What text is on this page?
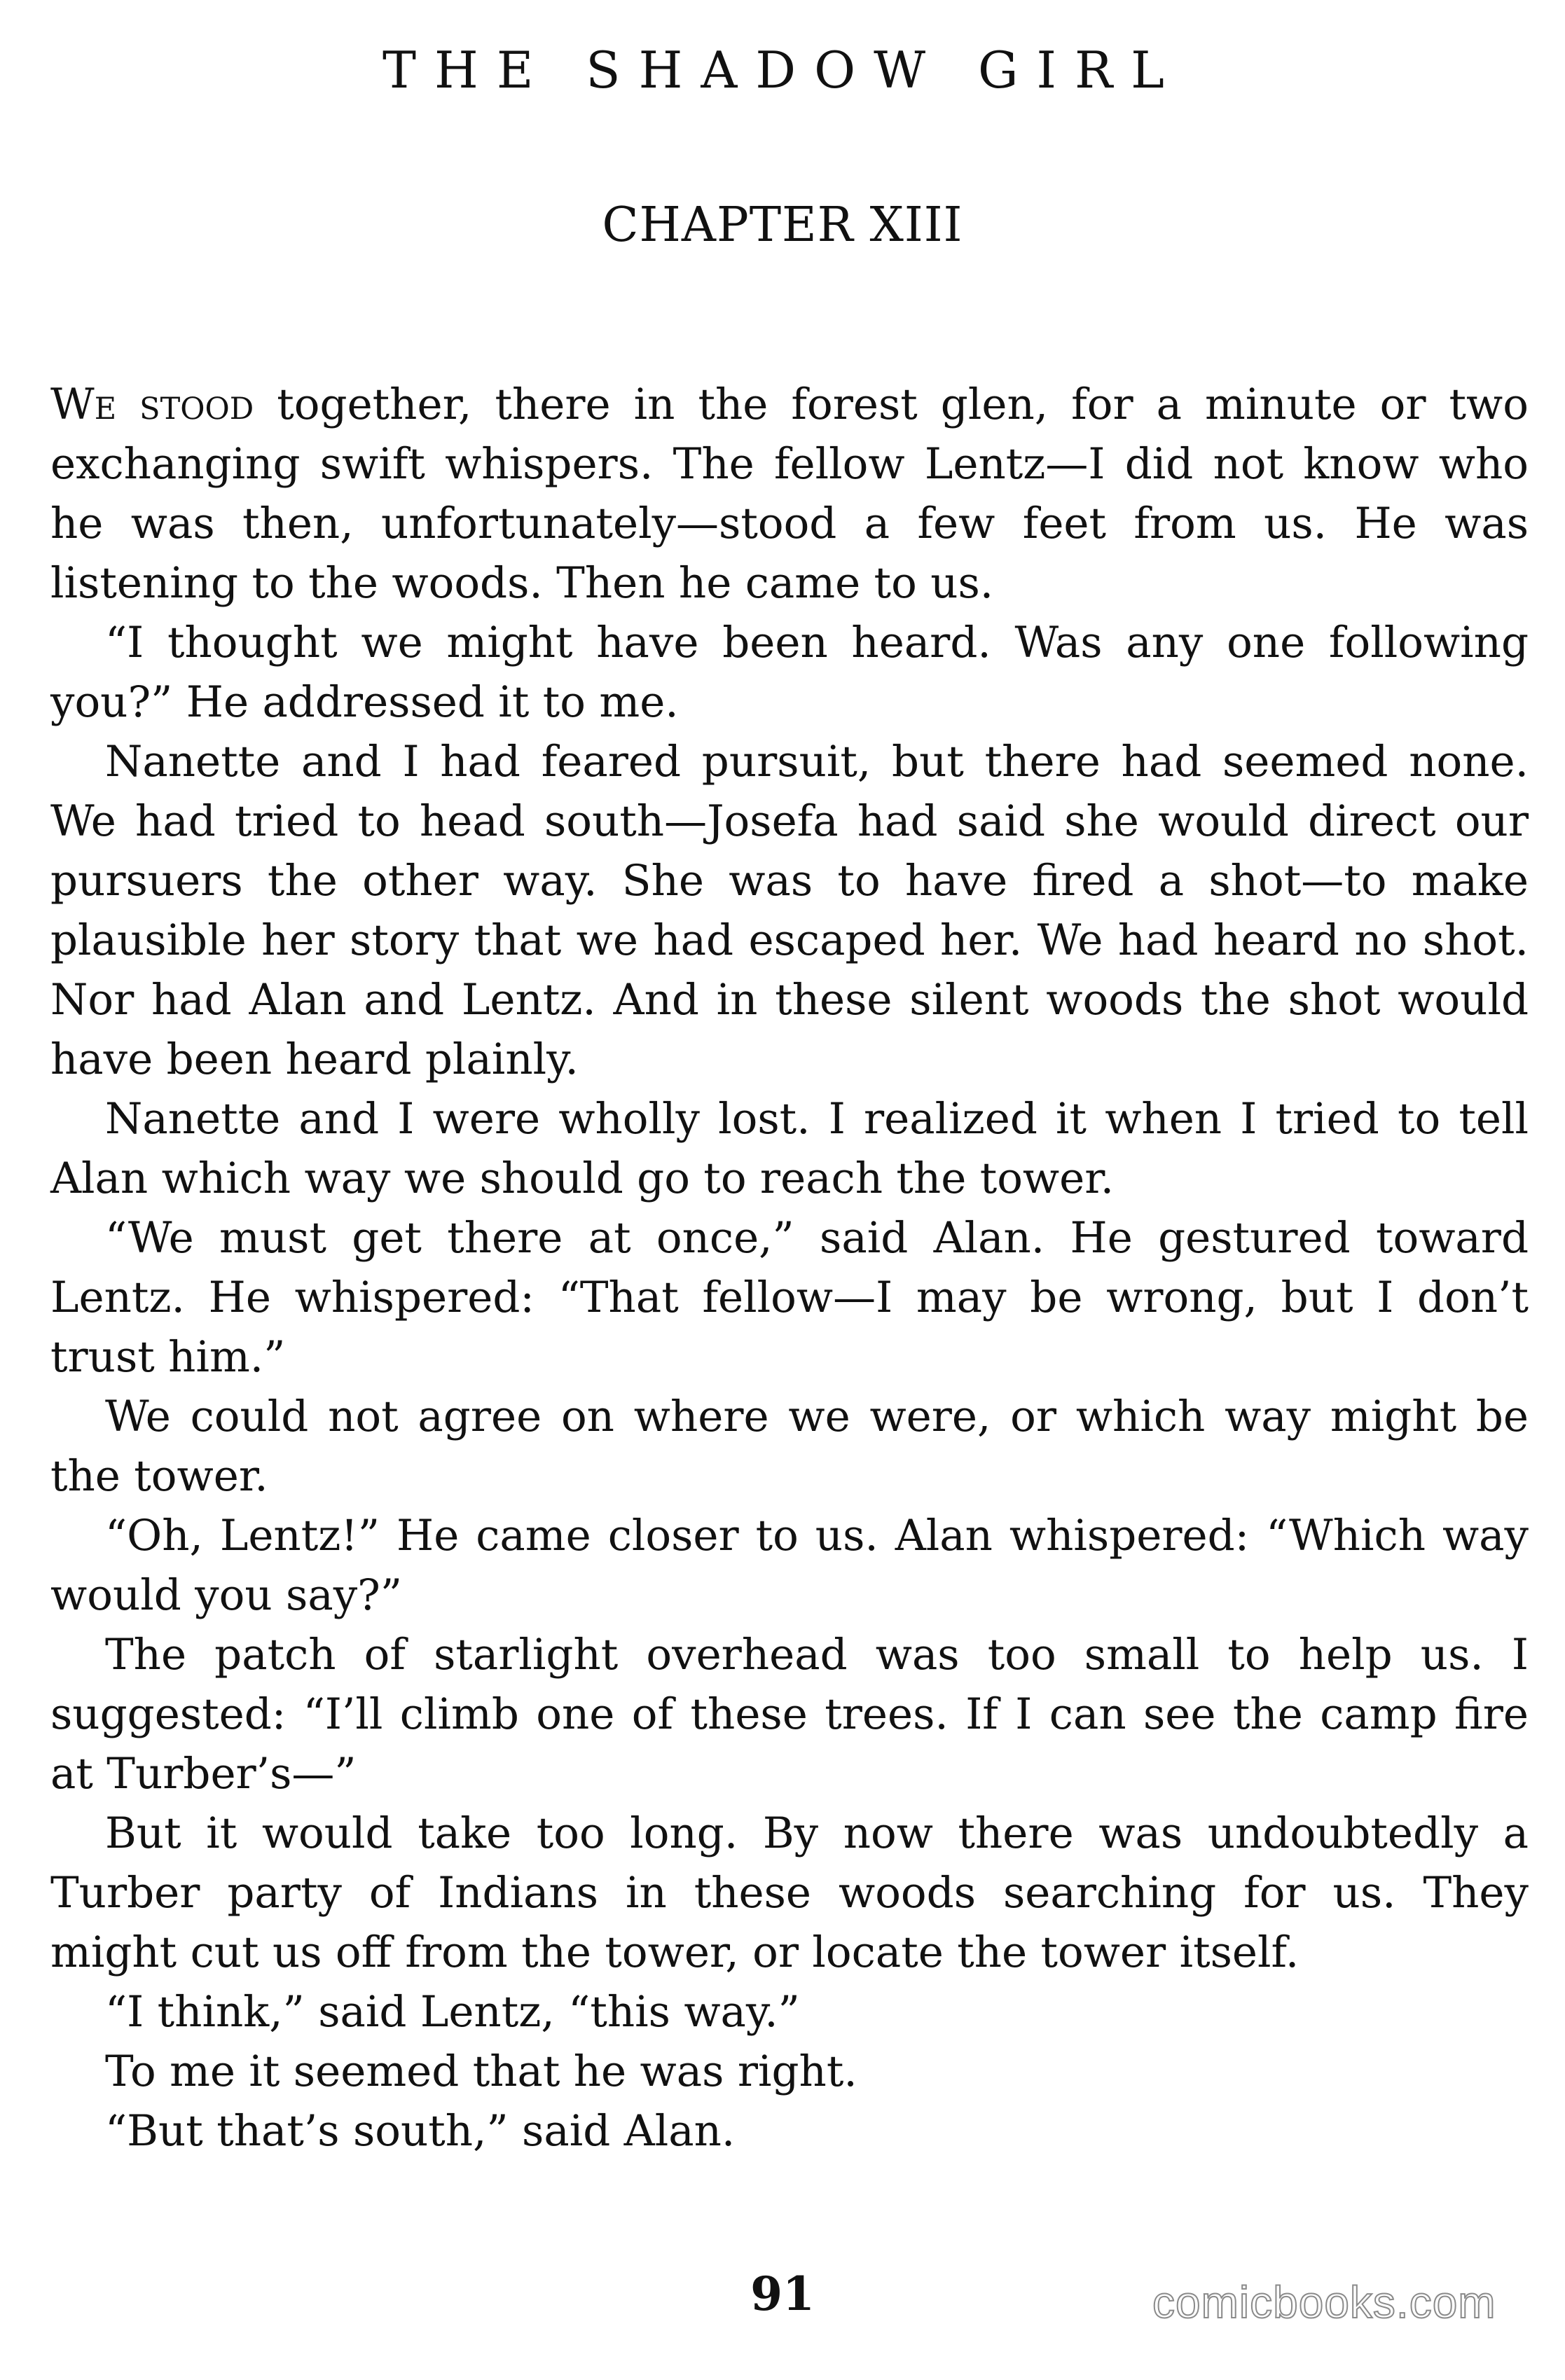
THE SHADOW GIRL
CHAPTER XIII

We stood together, there in the forest glen, for a minute or two exchanging swift whispers. The fellow Lentz—I did not know who he was then, unfortunately—stood a few feet from us. He was listening to the woods. Then he came to us.

“I thought we might have been heard. Was any one following you?” He addressed it to me.

Nanette and I had feared pursuit, but there had seemed none. We had tried to head south—Josefa had said she would direct our pursuers the other way. She was to have fired a shot—to make plausible her story that we had escaped her. We had heard no shot. Nor had Alan and Lentz. And in these silent woods the shot would have been heard plainly.

Nanette and I were wholly lost. I realized it when I tried to tell Alan which way we should go to reach the tower.

“We must get there at once,” said Alan. He gestured toward Lentz. He whispered: “That fellow—I may be wrong, but I don’t trust him.”

We could not agree on where we were, or which way might be the tower.

“Oh, Lentz!” He came closer to us. Alan whispered: “Which way would you say?”

The patch of starlight overhead was too small to help us. I suggested: “I’ll climb one of these trees. If I can see the camp fire at Turber’s—”

But it would take too long. By now there was undoubtedly a Turber party of Indians in these woods searching for us. They might cut us off from the tower, or locate the tower itself.

“I think,” said Lentz, “this way.”

To me it seemed that he was right.

“But that’s south,” said Alan.

91	comicbooks.com
